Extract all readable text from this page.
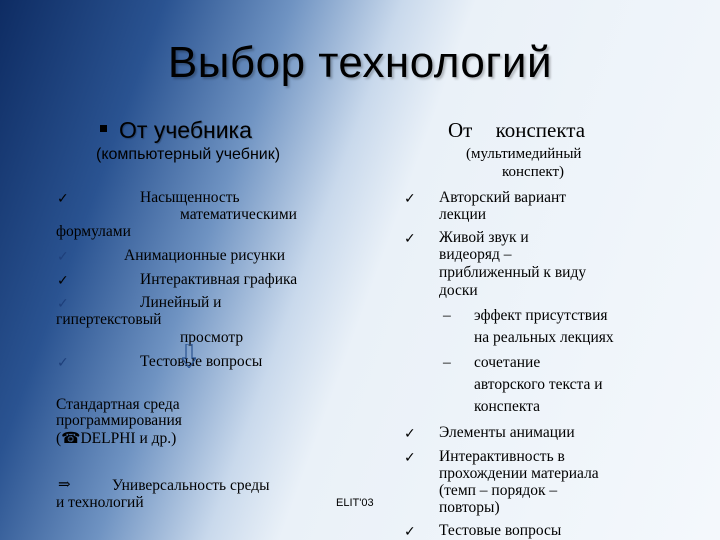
Выбор технологий
От учебника
(компьютерный учебник)
✓	Насыщенность
математическими
формулами
✓	Анимационные рисунки
✓	Интерактивная графика
✓	Линейный и
гипертекстовый
просмотр
✓	Тестовые вопросы
Стандартная среда
программирования
(☎DELPHI и др.)
⇒	Универсальность среды
и технологий	ELIT'03
От конспекта
(мультимедийный
конспект)
✓ Авторский вариант
лекции
✓ Живой звук и
видеоряд –
приближенный к виду
доски
– эффект присутствия
на реальных лекциях
– сочетание
авторского текста и
конспекта
✓ Элементы анимации
✓ Интерактивность в
прохождении материала
(темп – порядок –
повторы)
✓ Тестовые вопросы
